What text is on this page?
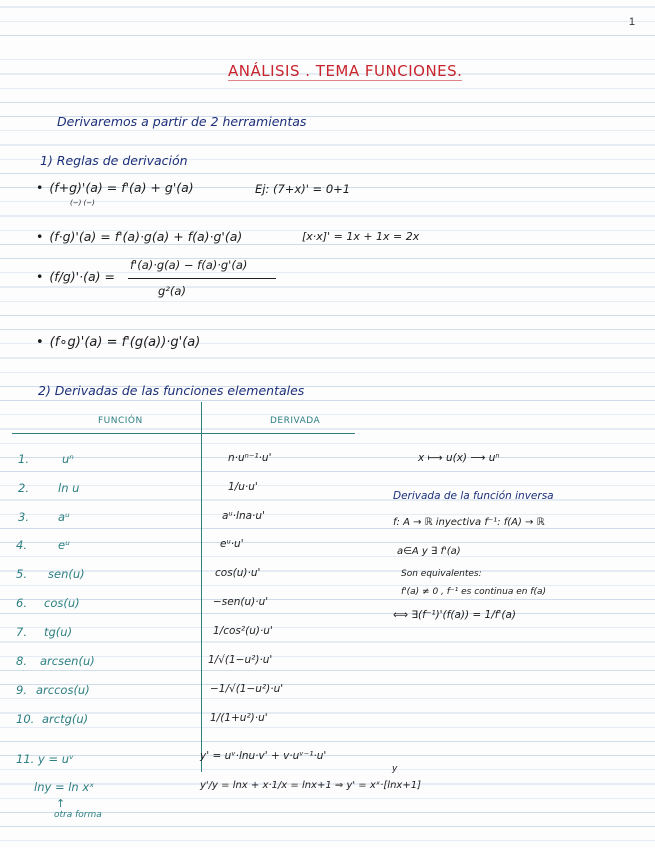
1
ANÁLISIS . TEMA FUNCIONES.
Derivaremos a partir de 2 herramientas
1) Reglas de derivación
• (f+g)'(a) = f'(a) + g'(a)
(−) (−)
Ej: (7+x)' = 0+1
• (f·g)'(a) = f'(a)·g(a) + f(a)·g'(a)	[x·x]' = 1x + 1x = 2x
• (f/g)'·(a) =
f'(a)·g(a) − f(a)·g'(a)
g²(a)
• (f∘g)'(a) = f'(g(a))·g'(a)
2) Derivadas de las funciones elementales
FUNCIÓN	DERIVADA
1.	uⁿ	n·uⁿ⁻¹·u'
2.	ln u	1/u·u'
3.	aᵘ	aᵘ·lna·u'
4.	eᵘ	eᵘ·u'
5. sen(u)	cos(u)·u'
6. cos(u)	−sen(u)·u'
7. tg(u)	1/cos²(u)·u'
8. arcsen(u)	1/√(1−u²)·u'
9. arccos(u)	−1/√(1−u²)·u'
10. arctg(u)	1/(1+u²)·u'
11. y = uᵛ	y' = uᵛ·lnu·v' + v·uᵛ⁻¹·u'
lny = ln xˣ	y'/y = lnx + x·1/x = lnx+1 ⇒ y' = xˣ·[lnx+1]
y
↑
otra forma
x ⟼ u(x) ⟶ uⁿ
Derivada de la función inversa
f: A → ℝ inyectiva f⁻¹: f(A) → ℝ
a∈A y ∃ f'(a)
Son equivalentes:
f'(a) ≠ 0 , f⁻¹ es continua en f(a)
⟺ ∃(f⁻¹)'(f(a)) = 1/f'(a)
